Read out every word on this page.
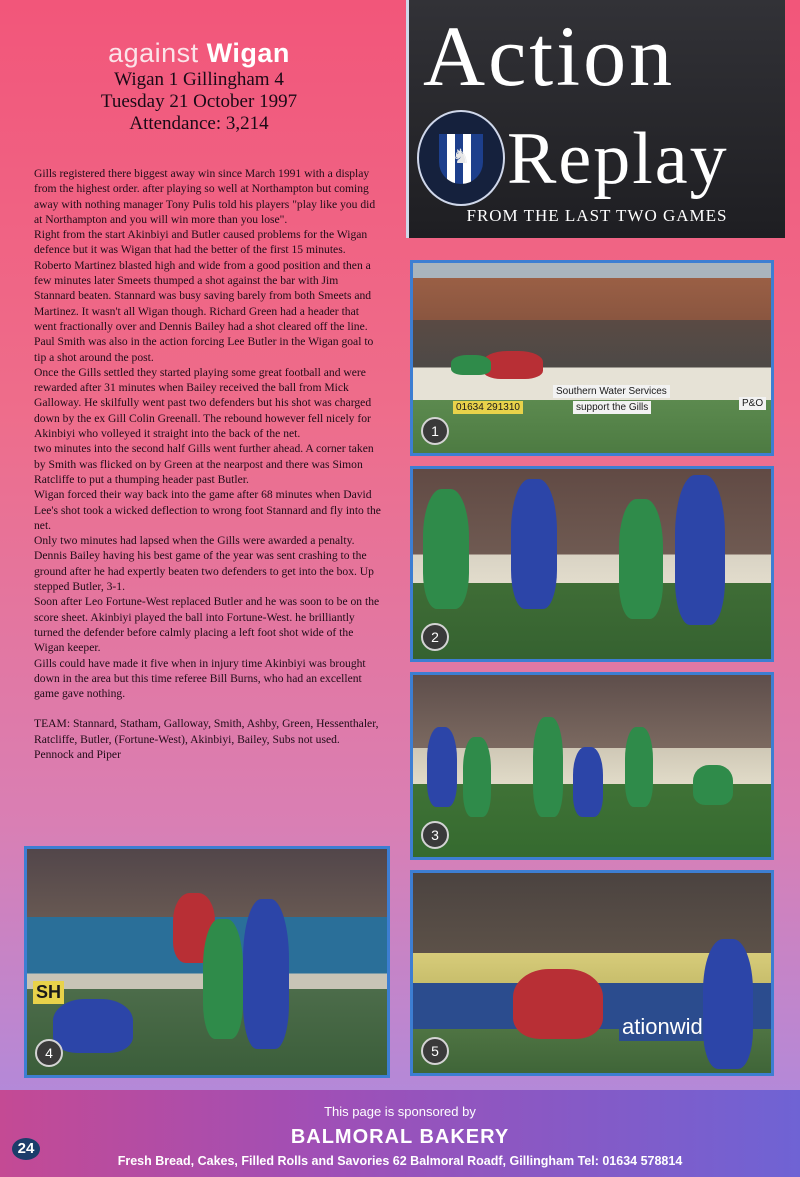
against Wigan
Wigan 1 Gillingham 4
Tuesday 21 October 1997
Attendance: 3,214

Gills registered there biggest away win since March 1991 with a display from the highest order. after playing so well at Northampton but coming away with nothing manager Tony Pulis told his players "play like you did at Northampton and you will win more than you lose".

Right from the start Akinbiyi and Butler caused problems for the Wigan defence but it was Wigan that had the better of the first 15 minutes. Roberto Martinez blasted high and wide from a good position and then a few minutes later Smeets thumped a shot against the bar with Jim Stannard beaten. Stannard was busy saving barely from both Smeets and Martinez. It wasn't all Wigan though. Richard Green had a header that went fractionally over and Dennis Bailey had a shot cleared off the line. Paul Smith was also in the action forcing Lee Butler in the Wigan goal to tip a shot around the post.

Once the Gills settled they started playing some great football and were rewarded after 31 minutes when Bailey received the ball from Mick Galloway. He skilfully went past two defenders but his shot was charged down by the ex Gill Colin Greenall. The rebound however fell nicely for Akinbiyi who volleyed it straight into the back of the net.

two minutes into the second half Gills went further ahead. A corner taken by Smith was flicked on by Green at the nearpost and there was Simon Ratcliffe to put a thumping header past Butler.

Wigan forced their way back into the game after 68 minutes when David Lee's shot took a wicked deflection to wrong foot Stannard and fly into the net.

Only two minutes had lapsed when the Gills were awarded a penalty. Dennis Bailey having his best game of the year was sent crashing to the ground after he had expertly beaten two defenders to get into the box. Up stepped Butler, 3-1.

Soon after Leo Fortune-West replaced Butler and he was soon to be on the score sheet. Akinbiyi played the ball into Fortune-West. he brilliantly turned the defender before calmly placing a left foot shot wide of the Wigan keeper.

Gills could have made it five when in injury time Akinbiyi was brought down in the area but this time referee Bill Burns, who had an excellent game gave nothing.

TEAM: Stannard, Statham, Galloway, Smith, Ashby, Green, Hessenthaler, Ratcliffe, Butler, (Fortune-West), Akinbiyi, Bailey, Subs not used. Pennock and Piper

Action
♞ Replay
FROM THE LAST TWO GAMES
Southern Water Services
support the Gills
01634 291310	P&O
1
2
3
SH
4
ationwid
5
This page is sponsored by
BALMORAL BAKERY
Fresh Bread, Cakes, Filled Rolls and Savories 62 Balmoral Roadf, Gillingham Tel: 01634 578814
24
